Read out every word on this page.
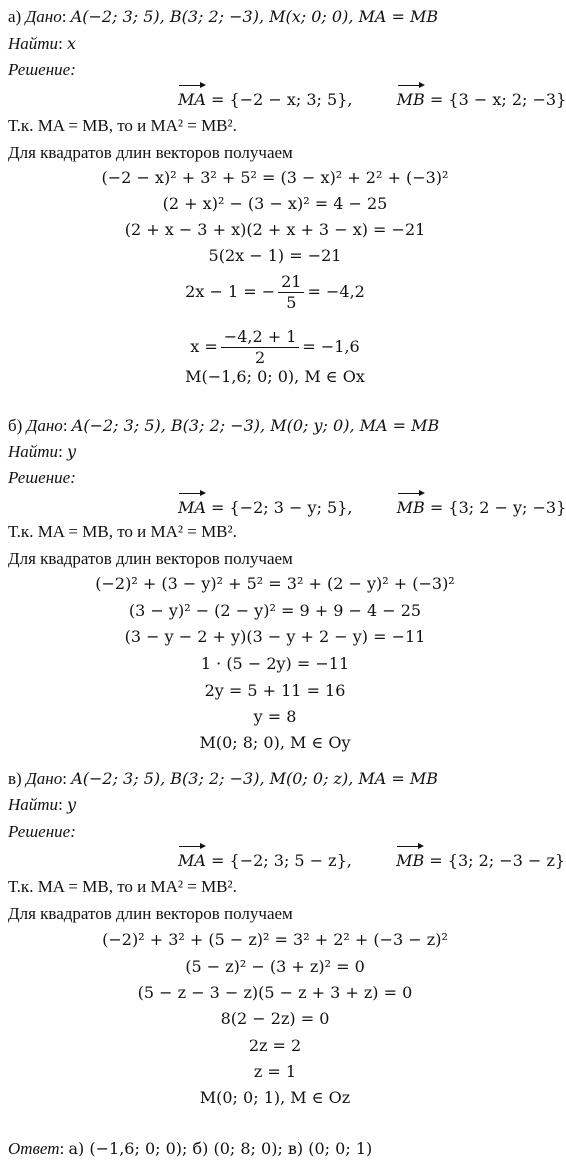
а) Дано: A(−2; 3; 5), B(3; 2; −3), M(x; 0; 0), MA = MB
Найти: x
Решение:
MA = {−2 − x; 3; 5},	MB = {3 − x; 2; −3}
Т.к. MA = MB, то и MA² = MB².
Для квадратов длин векторов получаем
(−2 − x)² + 3² + 5² = (3 − x)² + 2² + (−3)²
(2 + x)² − (3 − x)² = 4 − 25
(2 + x − 3 + x)(2 + x + 3 − x) = −21
5(2x − 1) = −21
2x − 1 = − $\frac{21}{5} = -4,2$
$x = \frac{-4,2 + 1}{2} = -1,6$
M(−1,6; 0; 0), M ∈ Ox
б) Дано: A(−2; 3; 5), B(3; 2; −3), M(0; y; 0), MA = MB
Найти: y
Решение:
MA = {−2; 3 − y; 5},	MB = {3; 2 − y; −3}
Т.к. MA = MB, то и MA² = MB².
Для квадратов длин векторов получаем
(−2)² + (3 − y)² + 5² = 3² + (2 − y)² + (−3)²
(3 − y)² − (2 − y)² = 9 + 9 − 4 − 25
(3 − y − 2 + y)(3 − y + 2 − y) = −11
1 · (5 − 2y) = −11
2y = 5 + 11 = 16
y = 8
M(0; 8; 0), M ∈ Oy
в) Дано: A(−2; 3; 5), B(3; 2; −3), M(0; 0; z), MA = MB
Найти: y
Решение:
MA = {−2; 3; 5 − z},	MB = {3; 2; −3 − z}
Т.к. MA = MB, то и MA² = MB².
Для квадратов длин векторов получаем
(−2)² + 3² + (5 − z)² = 3² + 2² + (−3 − z)²
(5 − z)² − (3 + z)² = 0
(5 − z − 3 − z)(5 − z + 3 + z) = 0
8(2 − 2z) = 0
2z = 2
z = 1
M(0; 0; 1), M ∈ Oz
Ответ: а) (−1,6; 0; 0); б) (0; 8; 0); в) (0; 0; 1)
